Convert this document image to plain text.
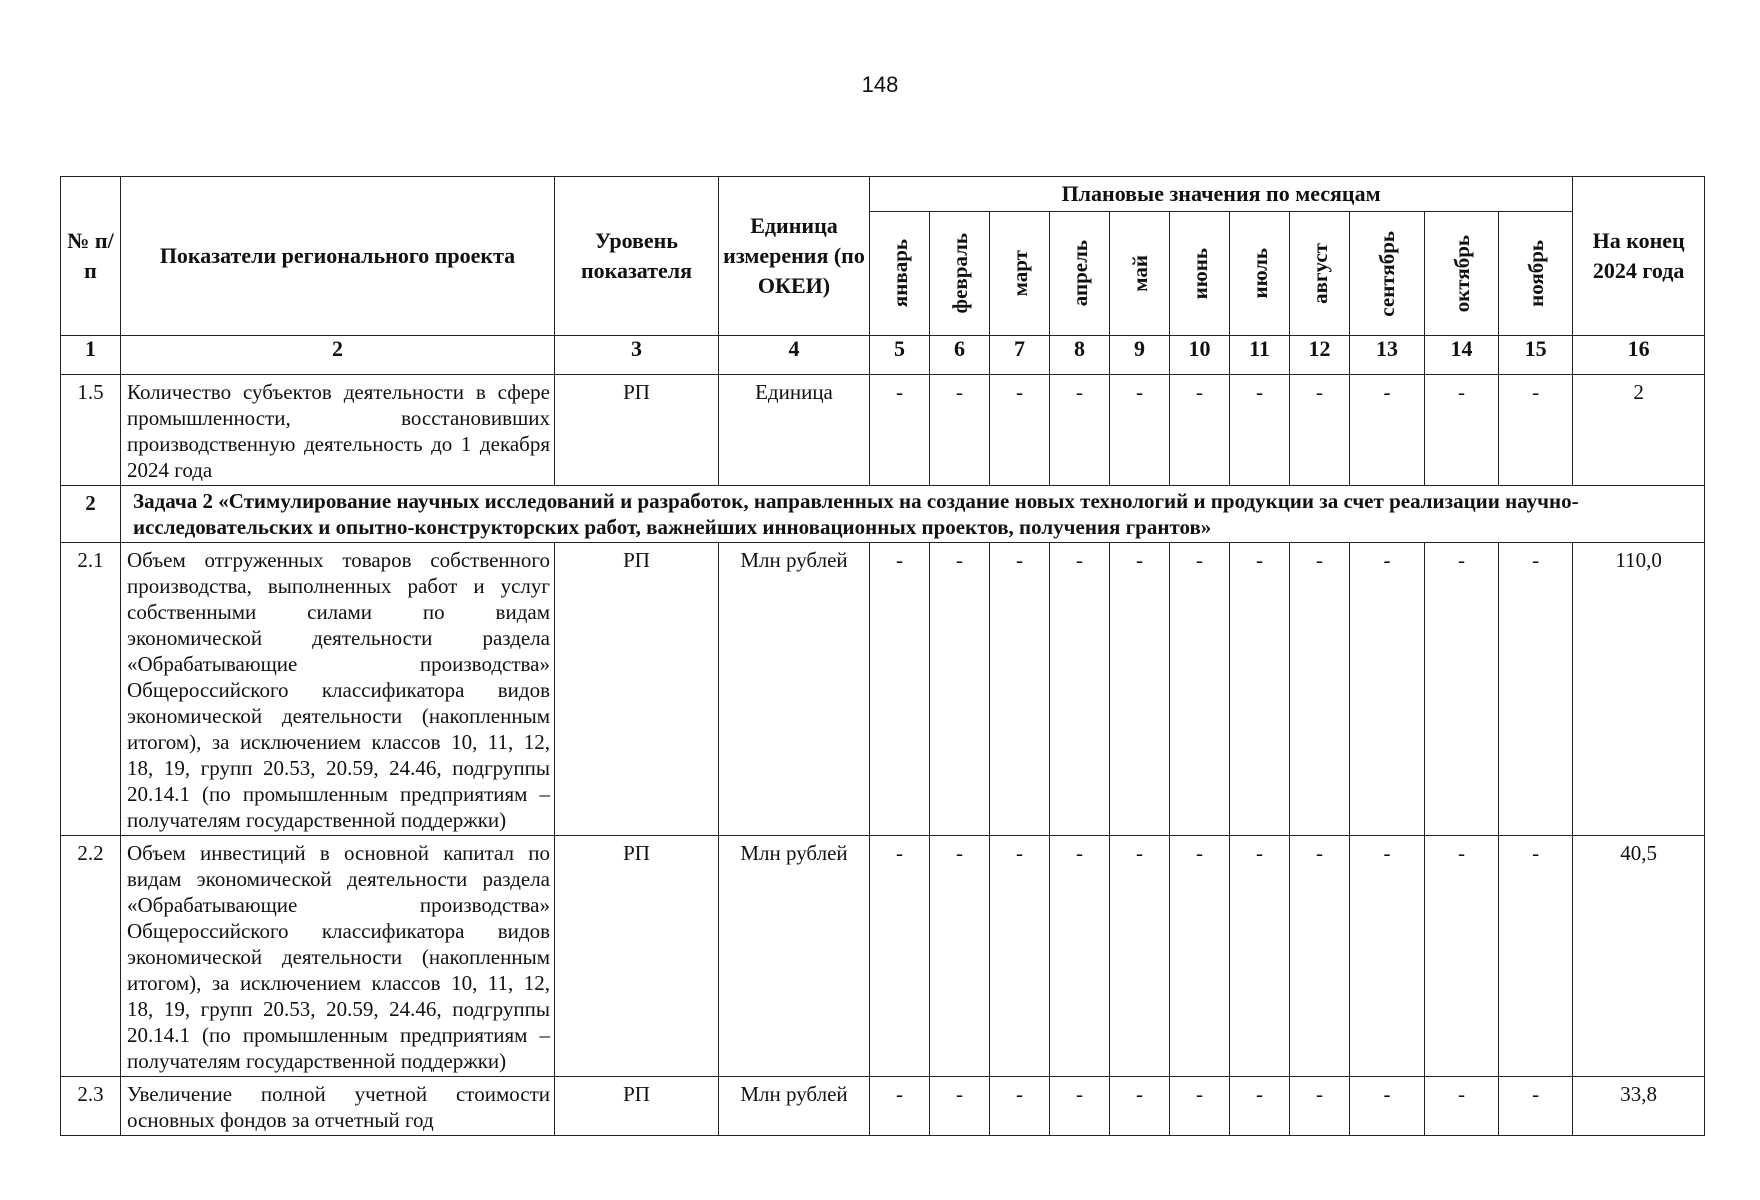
148
№ п/п	Показатели регионального проекта	Уровень показателя	Единица измерения (по ОКЕИ)	Плановые значения по месяцам											На конец 2024 года

				январь	февраль	март	апрель	май	июнь	июль	август	сентябрь	октябрь	ноябрь	

1	2	3	4	5	6	7	8	9	10	11	12	13	14	15	16
1.5	Количество субъектов деятельности в сфере промышленности, восстановивших производственную деятельность до 1 декабря 2024 года	РП	Единица	-	-	-	-	-	-	-	-	-	-	-	2
2	Задача 2 «Стимулирование научных исследований и разработок, направленных на создание новых технологий и продукции за счет реализации научно-исследовательских и опытно-конструкторских работ, важнейших инновационных проектов, получения грантов»														
2.1	Объем отгруженных товаров собственного производства, выполненных работ и услуг собственными силами по видам экономической деятельности раздела «Обрабатывающие производства» Общероссийского классификатора видов экономической деятельности (накопленным итогом), за исключением классов 10, 11, 12, 18, 19, групп 20.53, 20.59, 24.46, подгруппы 20.14.1 (по промышленным предприятиям – получателям государственной поддержки)	РП	Млн рублей	-	-	-	-	-	-	-	-	-	-	-	110,0
2.2	Объем инвестиций в основной капитал по видам экономической деятельности раздела «Обрабатывающие производства» Общероссийского классификатора видов экономической деятельности (накопленным итогом), за исключением классов 10, 11, 12, 18, 19, групп 20.53, 20.59, 24.46, подгруппы 20.14.1 (по промышленным предприятиям – получателям государственной поддержки)	РП	Млн рублей	-	-	-	-	-	-	-	-	-	-	-	40,5
2.3	Увеличение полной учетной стоимости основных фондов за отчетный год	РП	Млн рублей	-	-	-	-	-	-	-	-	-	-	-	33,8
